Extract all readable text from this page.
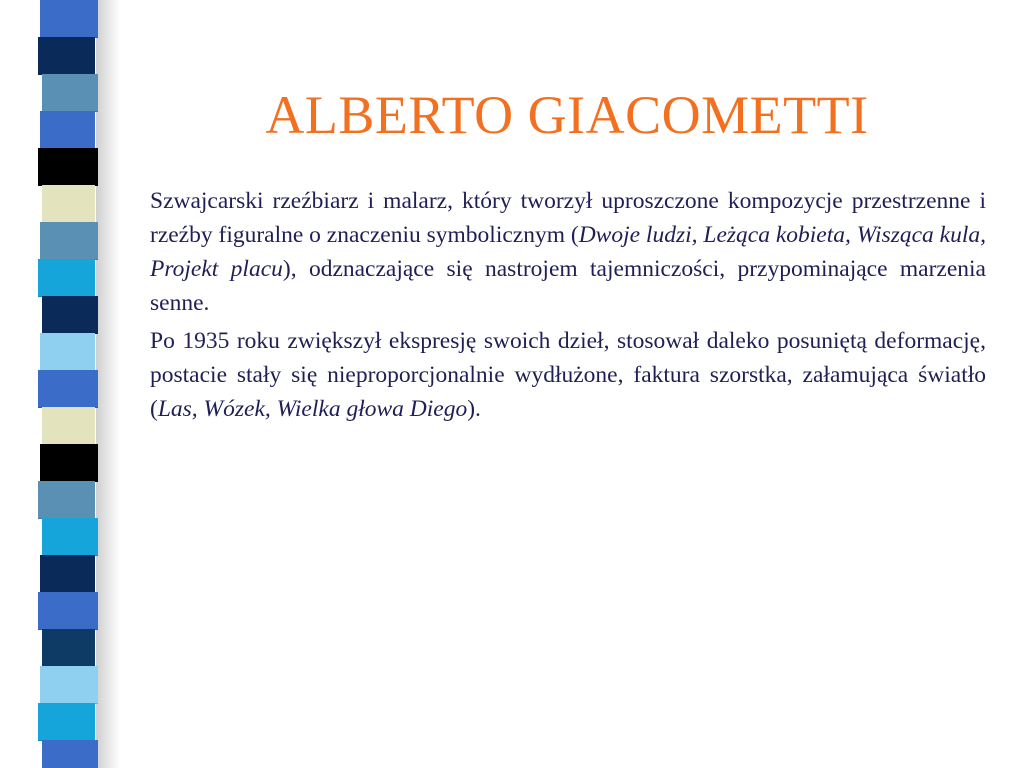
ALBERTO GIACOMETTI

Szwajcarski rzeźbiarz i malarz, który tworzył uproszczone kompozycje przestrzenne i rzeźby figuralne o znaczeniu symbolicznym (Dwoje ludzi, Leżąca kobieta, Wisząca kula, Projekt placu), odznaczające się nastrojem tajemniczości, przypominające marzenia senne.

Po 1935 roku zwiększył ekspresję swoich dzieł, stosował daleko posuniętą deformację, postacie stały się nieproporcjonalnie wydłużone, faktura szorstka, załamująca światło (Las, Wózek, Wielka głowa Diego).
